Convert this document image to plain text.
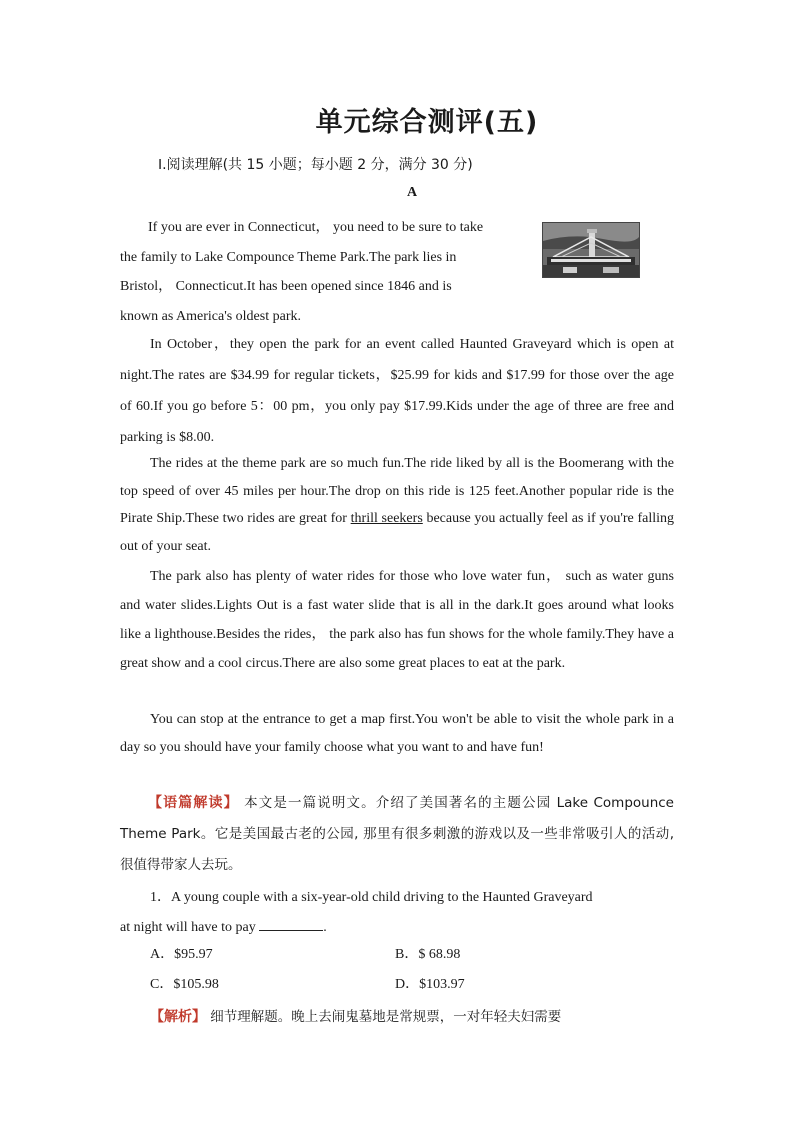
单元综合测评(五)
Ⅰ.阅读理解(共 15 小题；每小题 2 分，满分 30 分)
A

If you are ever in Connecticut， you need to be sure to take

the family to Lake Compounce Theme Park.The park lies in

Bristol， Connecticut.It has been opened since 1846 and is

known as America's oldest park.

In October，they open the park for an event called Haunted Graveyard which is open at night.The rates are $34.99 for regular tickets，$25.99 for kids and $17.99 for those over the age of 60.If you go before 5：00 pm，you only pay $17.99.Kids under the age of three are free and parking is $8.00.

The rides at the theme park are so much fun.The ride liked by all is the Boomerang with the top speed of over 45 miles per hour.The drop on this ride is 125 feet.Another popular ride is the Pirate Ship.These two rides are great for thrill seekers because you actually feel as if you're falling out of your seat.

The park also has plenty of water rides for those who love water fun， such as water guns and water slides.Lights Out is a fast water slide that is all in the dark.It goes around what looks like a lighthouse.Besides the rides， the park also has fun shows for the whole family.They have a great show and a cool circus.There are also some great places to eat at the park.

You can stop at the entrance to get a map first.You won't be able to visit the whole park in a day so you should have your family choose what you want to and have fun!

【语篇解读】 本文是一篇说明文。介绍了美国著名的主题公园 Lake Compounce Theme Park。它是美国最古老的公园, 那里有很多刺激的游戏以及一些非常吸引人的活动, 很值得带家人去玩。

1．A young couple with a six-year-old child driving to the Haunted Graveyard

at night will have to pay	.

A．$95.97	B．$ 68.98
C．$105.98	D．$103.97

【解析】 细节理解题。晚上去闹鬼墓地是常规票，一对年轻夫妇需要
